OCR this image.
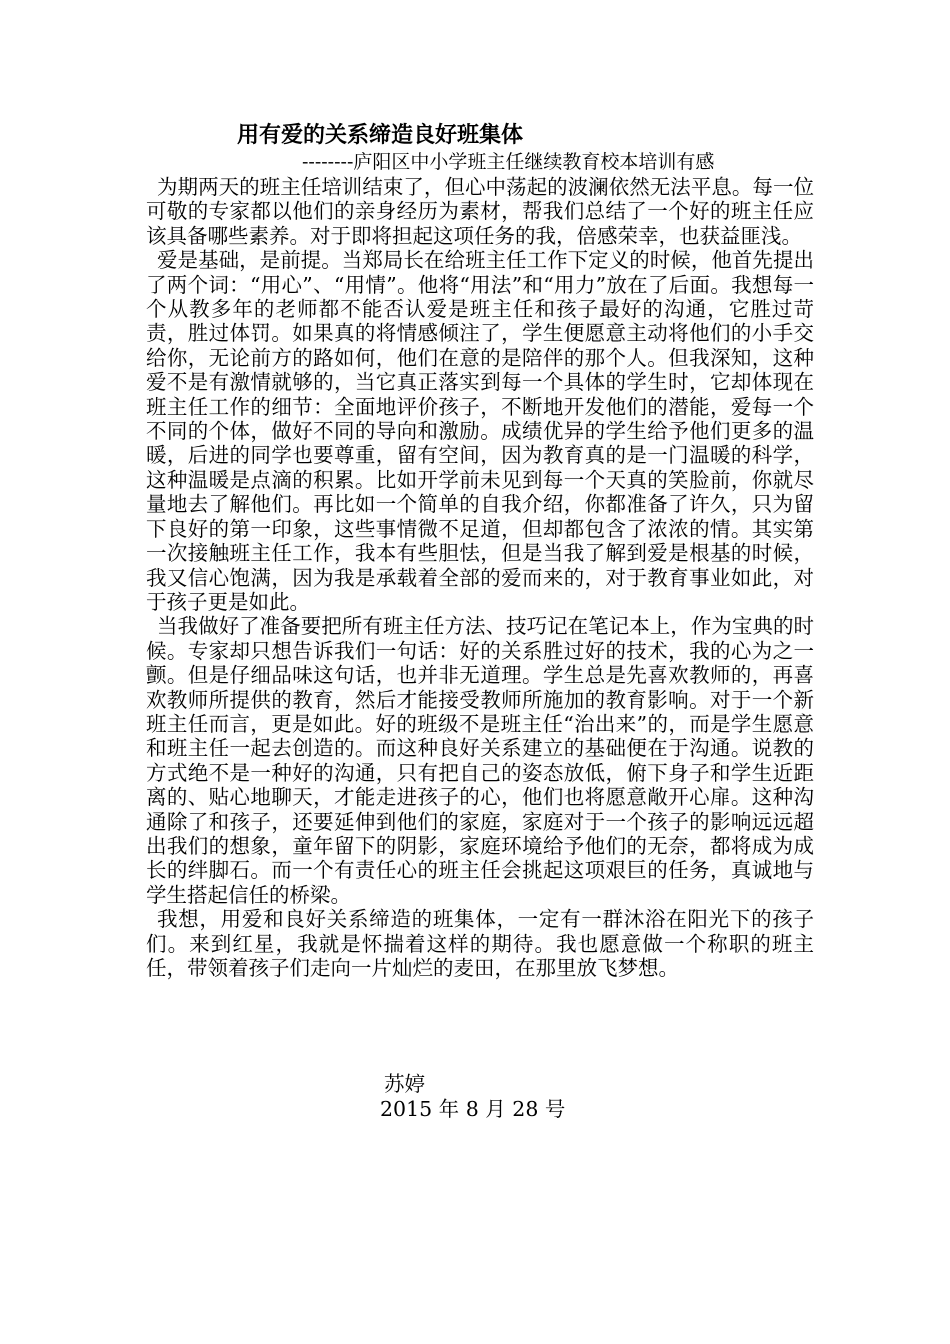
用有爱的关系缔造良好班集体
--------庐阳区中小学班主任继续教育校本培训有感

为期两天的班主任培训结束了，但心中荡起的波澜依然无法平息。每一位可敬的专家都以他们的亲身经历为素材，帮我们总结了一个好的班主任应该具备哪些素养。对于即将担起这项任务的我，倍感荣幸，也获益匪浅。

爱是基础，是前提。当郑局长在给班主任工作下定义的时候，他首先提出了两个词：“用心”、“用情”。他将“用法”和“用力”放在了后面。我想每一个从教多年的老师都不能否认爱是班主任和孩子最好的沟通，它胜过苛责，胜过体罚。如果真的将情感倾注了，学生便愿意主动将他们的小手交给你，无论前方的路如何，他们在意的是陪伴的那个人。但我深知，这种爱不是有激情就够的，当它真正落实到每一个具体的学生时，它却体现在班主任工作的细节：全面地评价孩子，不断地开发他们的潜能，爱每一个不同的个体，做好不同的导向和激励。成绩优异的学生给予他们更多的温暖，后进的同学也要尊重，留有空间，因为教育真的是一门温暖的科学，这种温暖是点滴的积累。比如开学前未见到每一个天真的笑脸前，你就尽量地去了解他们。再比如一个简单的自我介绍，你都准备了许久，只为留下良好的第一印象，这些事情微不足道，但却都包含了浓浓的情。其实第一次接触班主任工作，我本有些胆怯，但是当我了解到爱是根基的时候，我又信心饱满，因为我是承载着全部的爱而来的，对于教育事业如此，对于孩子更是如此。

当我做好了准备要把所有班主任方法、技巧记在笔记本上，作为宝典的时候。专家却只想告诉我们一句话：好的关系胜过好的技术，我的心为之一颤。但是仔细品味这句话，也并非无道理。学生总是先喜欢教师的，再喜欢教师所提供的教育，然后才能接受教师所施加的教育影响。对于一个新班主任而言，更是如此。好的班级不是班主任“治出来”的，而是学生愿意和班主任一起去创造的。而这种良好关系建立的基础便在于沟通。说教的方式绝不是一种好的沟通，只有把自己的姿态放低，俯下身子和学生近距离的、贴心地聊天，才能走进孩子的心，他们也将愿意敞开心扉。这种沟通除了和孩子，还要延伸到他们的家庭，家庭对于一个孩子的影响远远超出我们的想象，童年留下的阴影，家庭环境给予他们的无奈，都将成为成长的绊脚石。而一个有责任心的班主任会挑起这项艰巨的任务，真诚地与学生搭起信任的桥梁。

我想，用爱和良好关系缔造的班集体，一定有一群沐浴在阳光下的孩子们。来到红星，我就是怀揣着这样的期待。我也愿意做一个称职的班主任，带领着孩子们走向一片灿烂的麦田，在那里放飞梦想。

苏婷
2015 年 8 月 28 号
